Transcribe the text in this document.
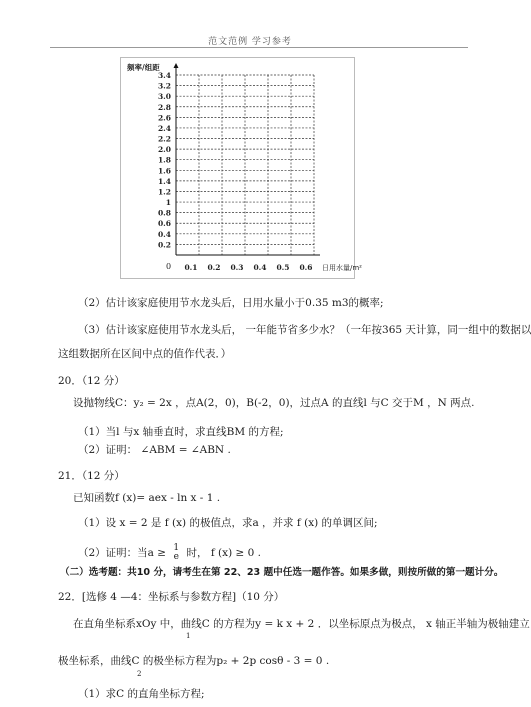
范文范例 学习参考
3.4
3.2
3.0
2.8
2.6
2.4
2.2
2.0
1.8
1.6
1.4
1.2
1
0.8
0.6
0.4
0.2
0.1 0.2 0.3 0.4 0.5 0.6
频率/组距
日用水量/m²
0
（2）估计该家庭使用节水龙头后，日用水量小于0.35 m3的概率;
（3）估计该家庭使用节水龙头后， 一年能节省多少水？（一年按365 天计算，同一组中的数据以
这组数据所在区间中点的值作代表．）
20．（12 分）
设抛物线C：y₂ = 2x ，点A(2，0)，B(-2，0)，过点A 的直线l 与C 交于M ，N 两点.
（1）当l 与x 轴垂直时，求直线BM 的方程;
（2）证明： ∠ABM = ∠ABN .
21．（12 分）
已知函数f (x)= aex - ln x - 1 .
（1）设 x = 2 是 f (x) 的极值点，求a ，并求 f (x) 的单调区间;
（2）证明：当a ≥ 1
e 时， f (x) ≥ 0 .
（二）选考题：共10 分，请考生在第 22、23 题中任选一题作答。如果多做，则按所做的第一题计分。
22．[选修 4 —4：坐标系与参数方程]（10 分）
在直角坐标系xOy 中，曲线C 的方程为y = k x + 2 ．以坐标原点为极点， x 轴正半轴为极轴建立
1
极坐标系，曲线C 的极坐标方程为p₂ + 2p cosθ - 3 = 0 .
2
（1）求C 的直角坐标方程;
